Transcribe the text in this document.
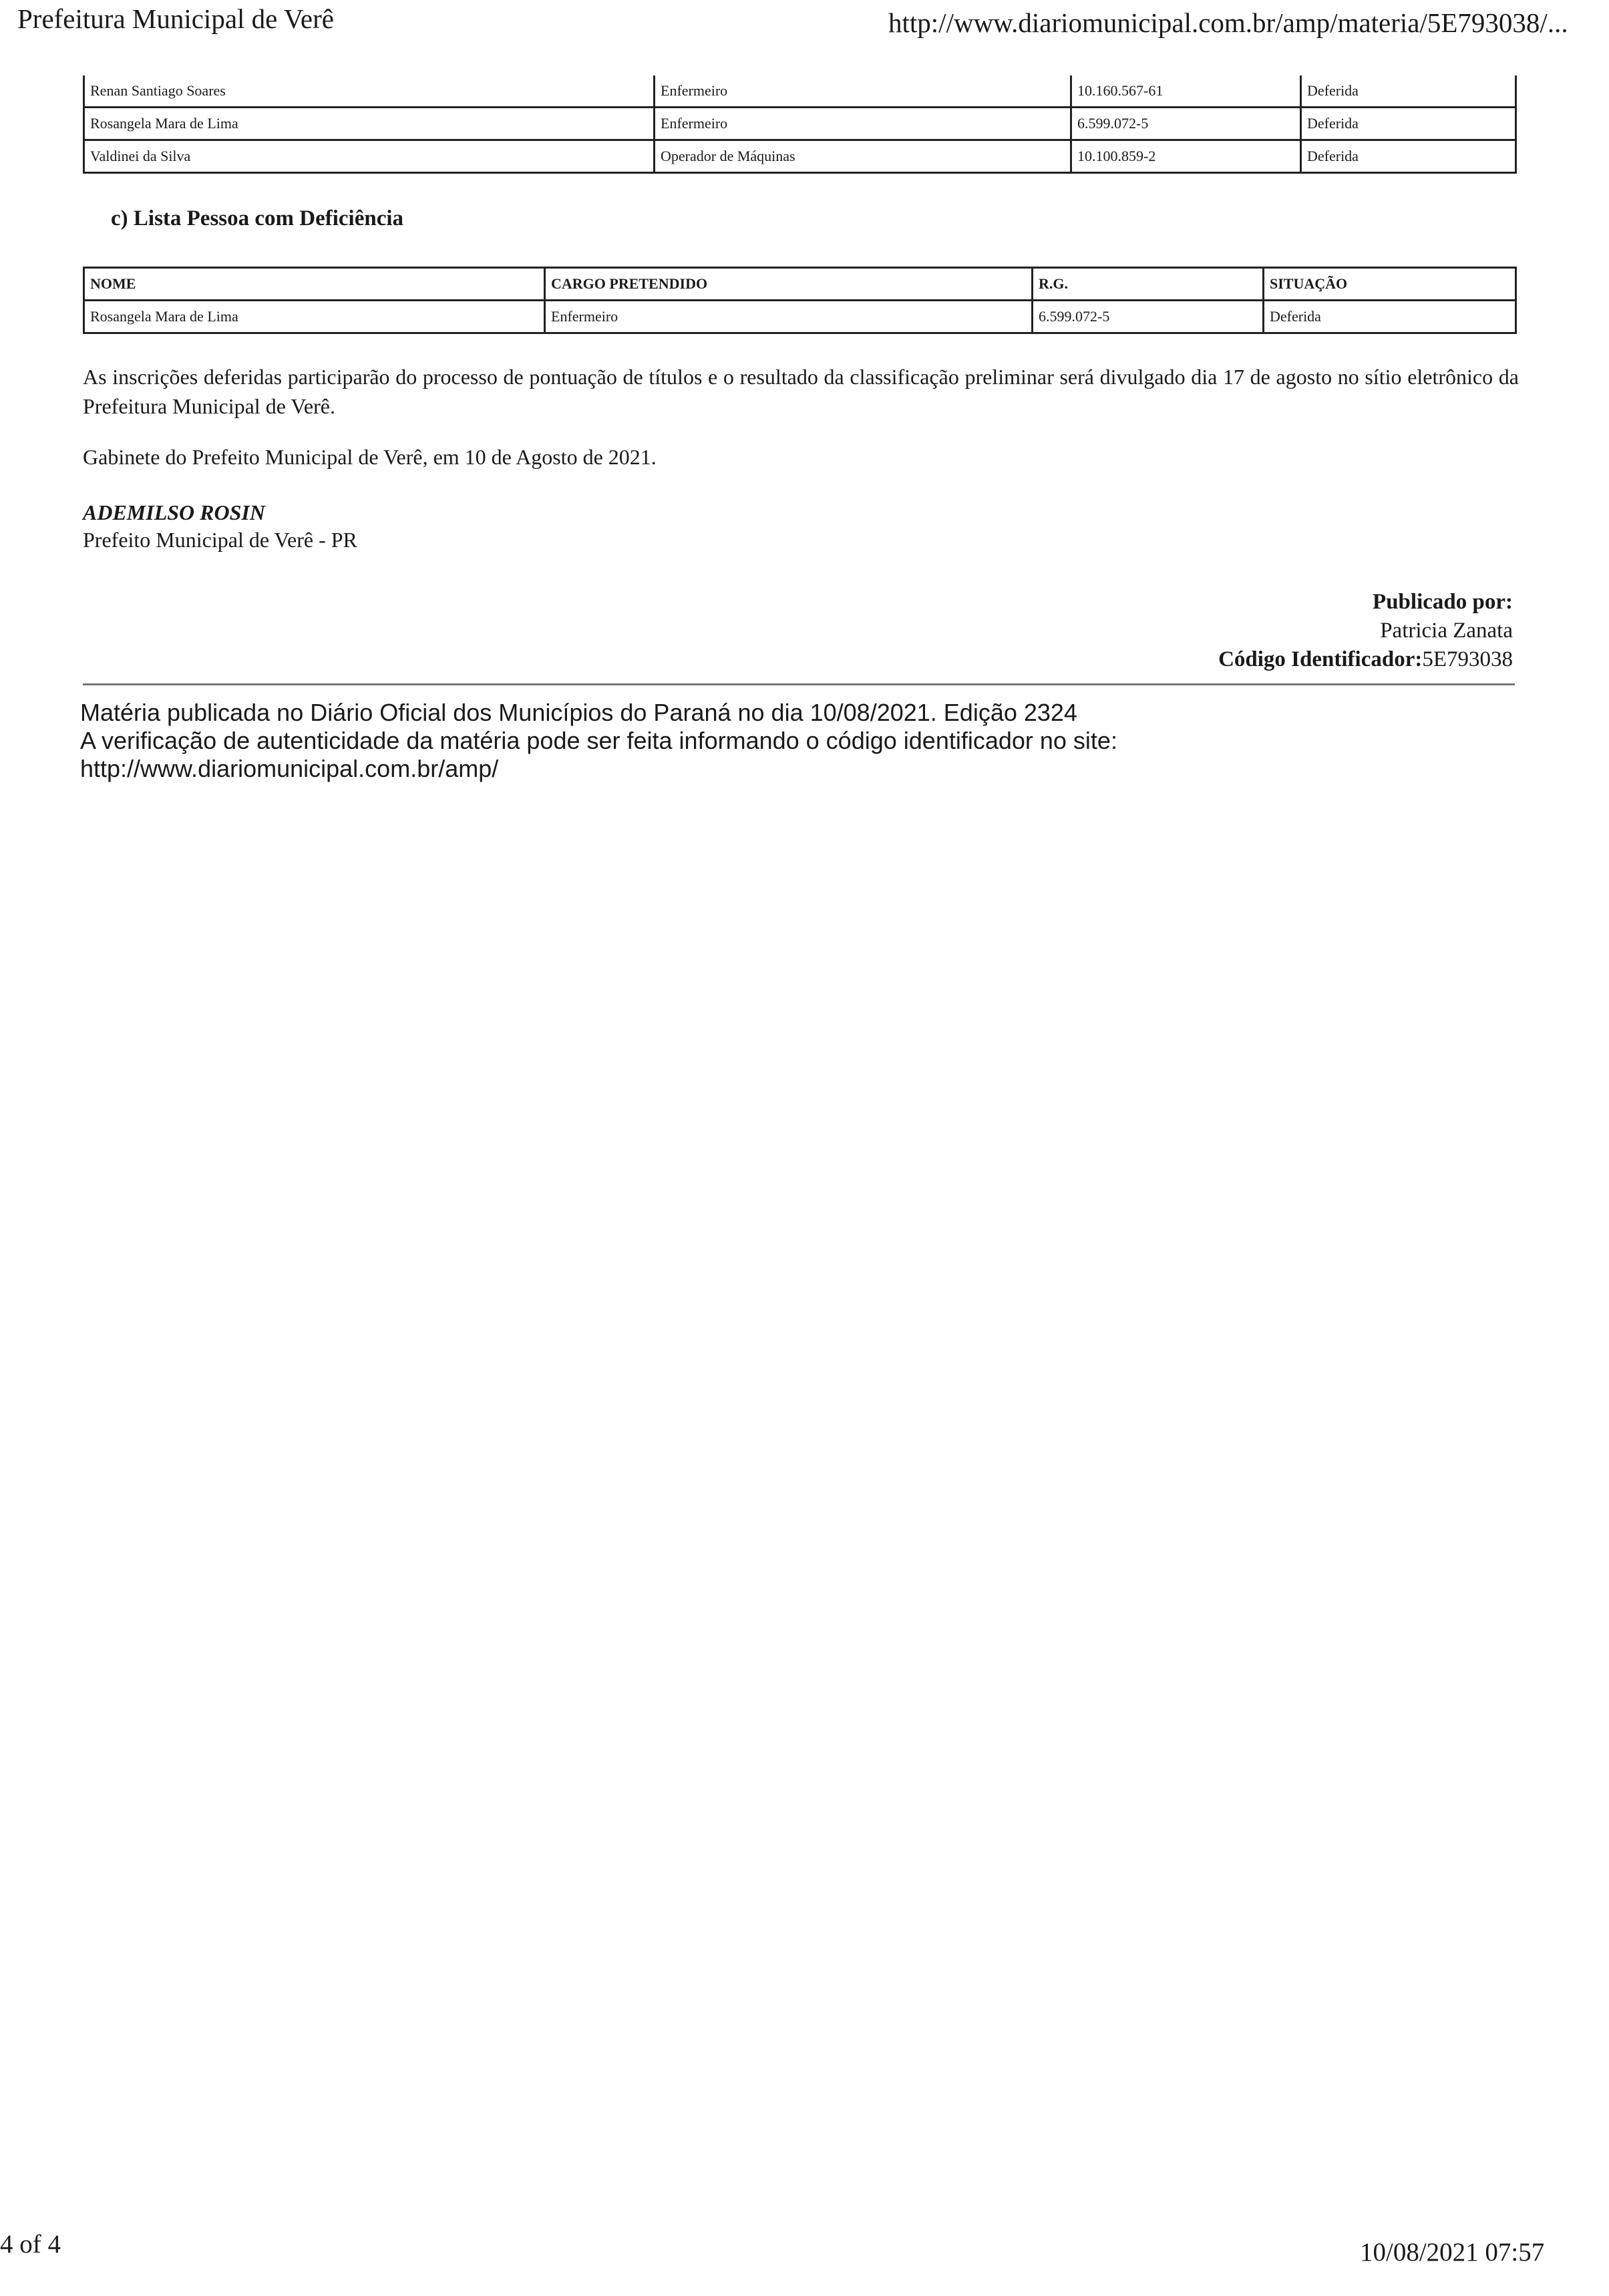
Prefeitura Municipal de Verê	http://www.diariomunicipal.com.br/amp/materia/5E793038/...
Renan Santiago Soares	Enfermeiro	10.160.567-61	Deferida
Rosangela Mara de Lima	Enfermeiro	6.599.072-5	Deferida
Valdinei da Silva	Operador de Máquinas	10.100.859-2	Deferida
c) Lista Pessoa com Deficiência
NOME	CARGO PRETENDIDO	R.G.	SITUAÇÃO
Rosangela Mara de Lima	Enfermeiro	6.599.072-5	Deferida
As inscrições deferidas participarão do processo de pontuação de títulos e o resultado da classificação preliminar será divulgado dia 17 de agosto no sítio eletrônico da Prefeitura Municipal de Verê.
Gabinete do Prefeito Municipal de Verê, em 10 de Agosto de 2021.
ADEMILSO ROSIN
Prefeito Municipal de Verê - PR
Publicado por:
Patricia Zanata
Código Identificador:5E793038
Matéria publicada no Diário Oficial dos Municípios do Paraná no dia 10/08/2021. Edição 2324
A verificação de autenticidade da matéria pode ser feita informando o código identificador no site:
http://www.diariomunicipal.com.br/amp/
4 of 4	10/08/2021 07:57
